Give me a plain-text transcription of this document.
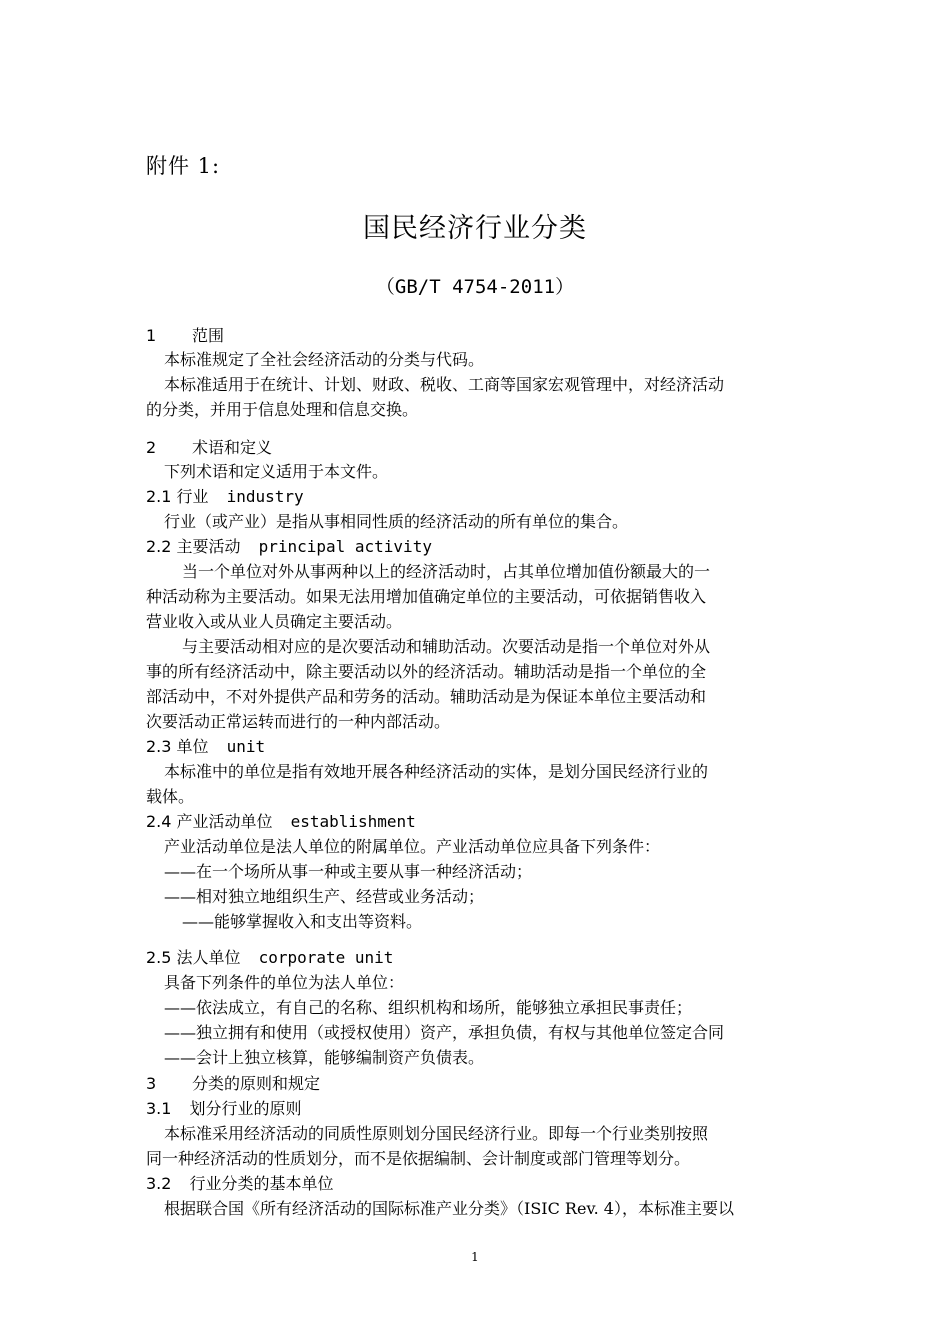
附件 1:
国民经济行业分类
（GB/T 4754-2011）
1 范围
本标准规定了全社会经济活动的分类与代码。
本标准适用于在统计、计划、财政、税收、工商等国家宏观管理中，对经济活动
的分类，并用于信息处理和信息交换。
2 术语和定义
下列术语和定义适用于本文件。
2.1 行业 industry
行业（或产业）是指从事相同性质的经济活动的所有单位的集合。
2.2 主要活动 principal activity
当一个单位对外从事两种以上的经济活动时，占其单位增加值份额最大的一
种活动称为主要活动。如果无法用增加值确定单位的主要活动，可依据销售收入
营业收入或从业人员确定主要活动。
与主要活动相对应的是次要活动和辅助活动。次要活动是指一个单位对外从
事的所有经济活动中，除主要活动以外的经济活动。辅助活动是指一个单位的全
部活动中，不对外提供产品和劳务的活动。辅助活动是为保证本单位主要活动和
次要活动正常运转而进行的一种内部活动。
2.3 单位 unit
本标准中的单位是指有效地开展各种经济活动的实体，是划分国民经济行业的
载体。
2.4 产业活动单位 establishment
产业活动单位是法人单位的附属单位。产业活动单位应具备下列条件：
——在一个场所从事一种或主要从事一种经济活动；
——相对独立地组织生产、经营或业务活动；
——能够掌握收入和支出等资料。
2.5 法人单位 corporate unit
具备下列条件的单位为法人单位：
——依法成立，有自己的名称、组织机构和场所，能够独立承担民事责任；
——独立拥有和使用（或授权使用）资产，承担负债，有权与其他单位签定合同
——会计上独立核算，能够编制资产负债表。
3 分类的原则和规定
3.1 划分行业的原则
本标准采用经济活动的同质性原则划分国民经济行业。即每一个行业类别按照
同一种经济活动的性质划分，而不是依据编制、会计制度或部门管理等划分。
3.2 行业分类的基本单位
根据联合国《所有经济活动的国际标准产业分类》（ISIC Rev. 4），本标准主要以
1
